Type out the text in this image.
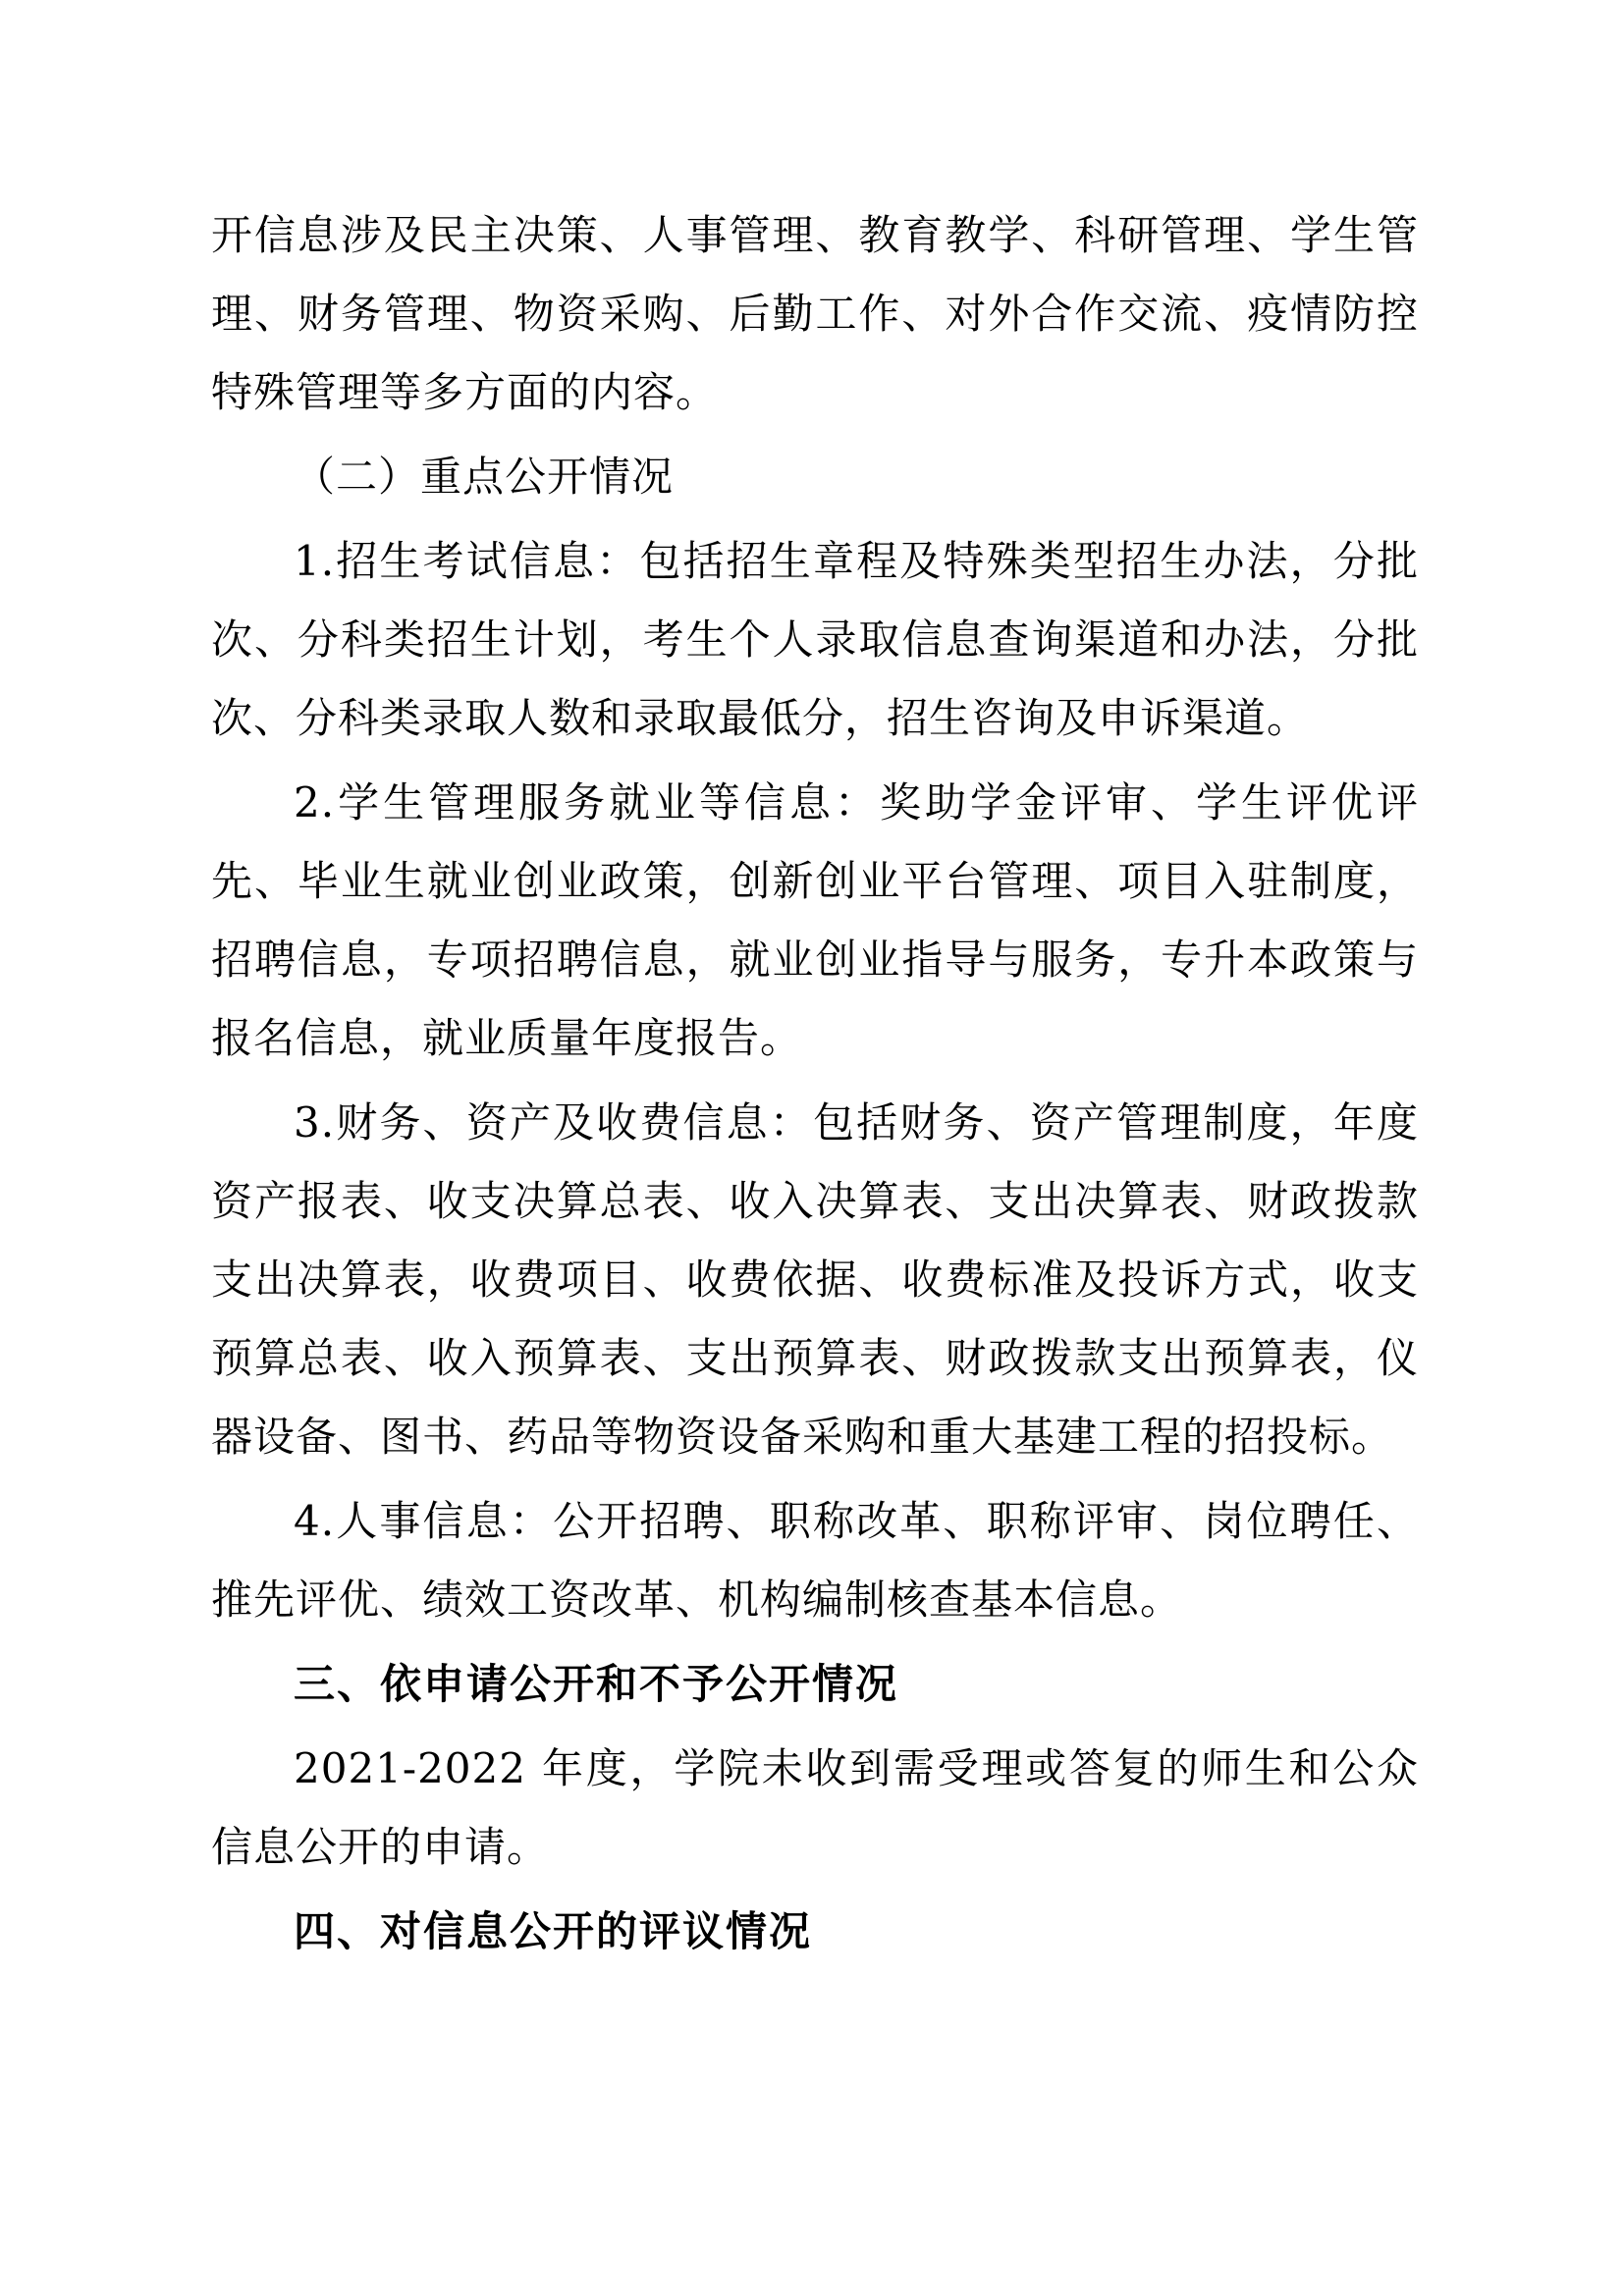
开信息涉及民主决策、人事管理、教育教学、科研管理、学生管理、财务管理、物资采购、后勤工作、对外合作交流、疫情防控特殊管理等多方面的内容。

（二）重点公开情况

1.招生考试信息：包括招生章程及特殊类型招生办法，分批次、分科类招生计划，考生个人录取信息查询渠道和办法，分批次、分科类录取人数和录取最低分，招生咨询及申诉渠道。

2.学生管理服务就业等信息：奖助学金评审、学生评优评先、毕业生就业创业政策，创新创业平台管理、项目入驻制度，招聘信息，专项招聘信息，就业创业指导与服务，专升本政策与报名信息，就业质量年度报告。

3.财务、资产及收费信息：包括财务、资产管理制度，年度资产报表、收支决算总表、收入决算表、支出决算表、财政拨款支出决算表，收费项目、收费依据、收费标准及投诉方式，收支预算总表、收入预算表、支出预算表、财政拨款支出预算表，仪器设备、图书、药品等物资设备采购和重大基建工程的招投标。

4.人事信息：公开招聘、职称改革、职称评审、岗位聘任、推先评优、绩效工资改革、机构编制核查基本信息。

三、依申请公开和不予公开情况

2021-2022 年度，学院未收到需受理或答复的师生和公众信息公开的申请。

四、对信息公开的评议情况
